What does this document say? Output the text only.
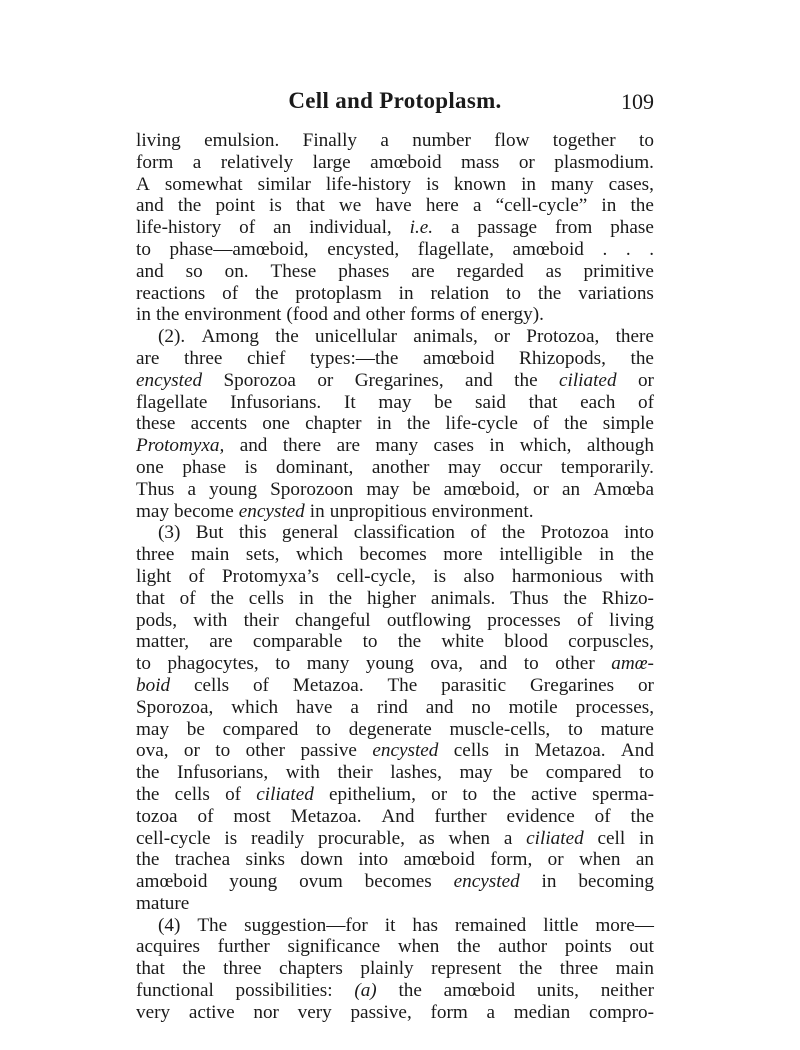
Cell and Protoplasm.	109
living emulsion. Finally a number flow together to
form a relatively large amœboid mass or plasmodium.
A somewhat similar life-history is known in many cases,
and the point is that we have here a “cell-cycle” in the
life-history of an individual, i.e. a passage from phase
to phase—amœboid, encysted, flagellate, amœboid . . .
and so on. These phases are regarded as primitive
reactions of the protoplasm in relation to the variations
in the environment (food and other forms of energy).
(2). Among the unicellular animals, or Protozoa, there
are three chief types:—the amœboid Rhizopods, the
encysted Sporozoa or Gregarines, and the ciliated or
flagellate Infusorians. It may be said that each of
these accents one chapter in the life-cycle of the simple
Protomyxa, and there are many cases in which, although
one phase is dominant, another may occur temporarily.
Thus a young Sporozoon may be amœboid, or an Amœba
may become encysted in unpropitious environment.
(3) But this general classification of the Protozoa into
three main sets, which becomes more intelligible in the
light of Protomyxa’s cell-cycle, is also harmonious with
that of the cells in the higher animals. Thus the Rhizo-
pods, with their changeful outflowing processes of living
matter, are comparable to the white blood corpuscles,
to phagocytes, to many young ova, and to other amœ-
boid cells of Metazoa. The parasitic Gregarines or
Sporozoa, which have a rind and no motile processes,
may be compared to degenerate muscle-cells, to mature
ova, or to other passive encysted cells in Metazoa. And
the Infusorians, with their lashes, may be compared to
the cells of ciliated epithelium, or to the active sperma-
tozoa of most Metazoa. And further evidence of the
cell-cycle is readily procurable, as when a ciliated cell in
the trachea sinks down into amœboid form, or when an
amœboid young ovum becomes encysted in becoming
mature
(4) The suggestion—for it has remained little more—
acquires further significance when the author points out
that the three chapters plainly represent the three main
functional possibilities: (a) the amœboid units, neither
very active nor very passive, form a median compro-
